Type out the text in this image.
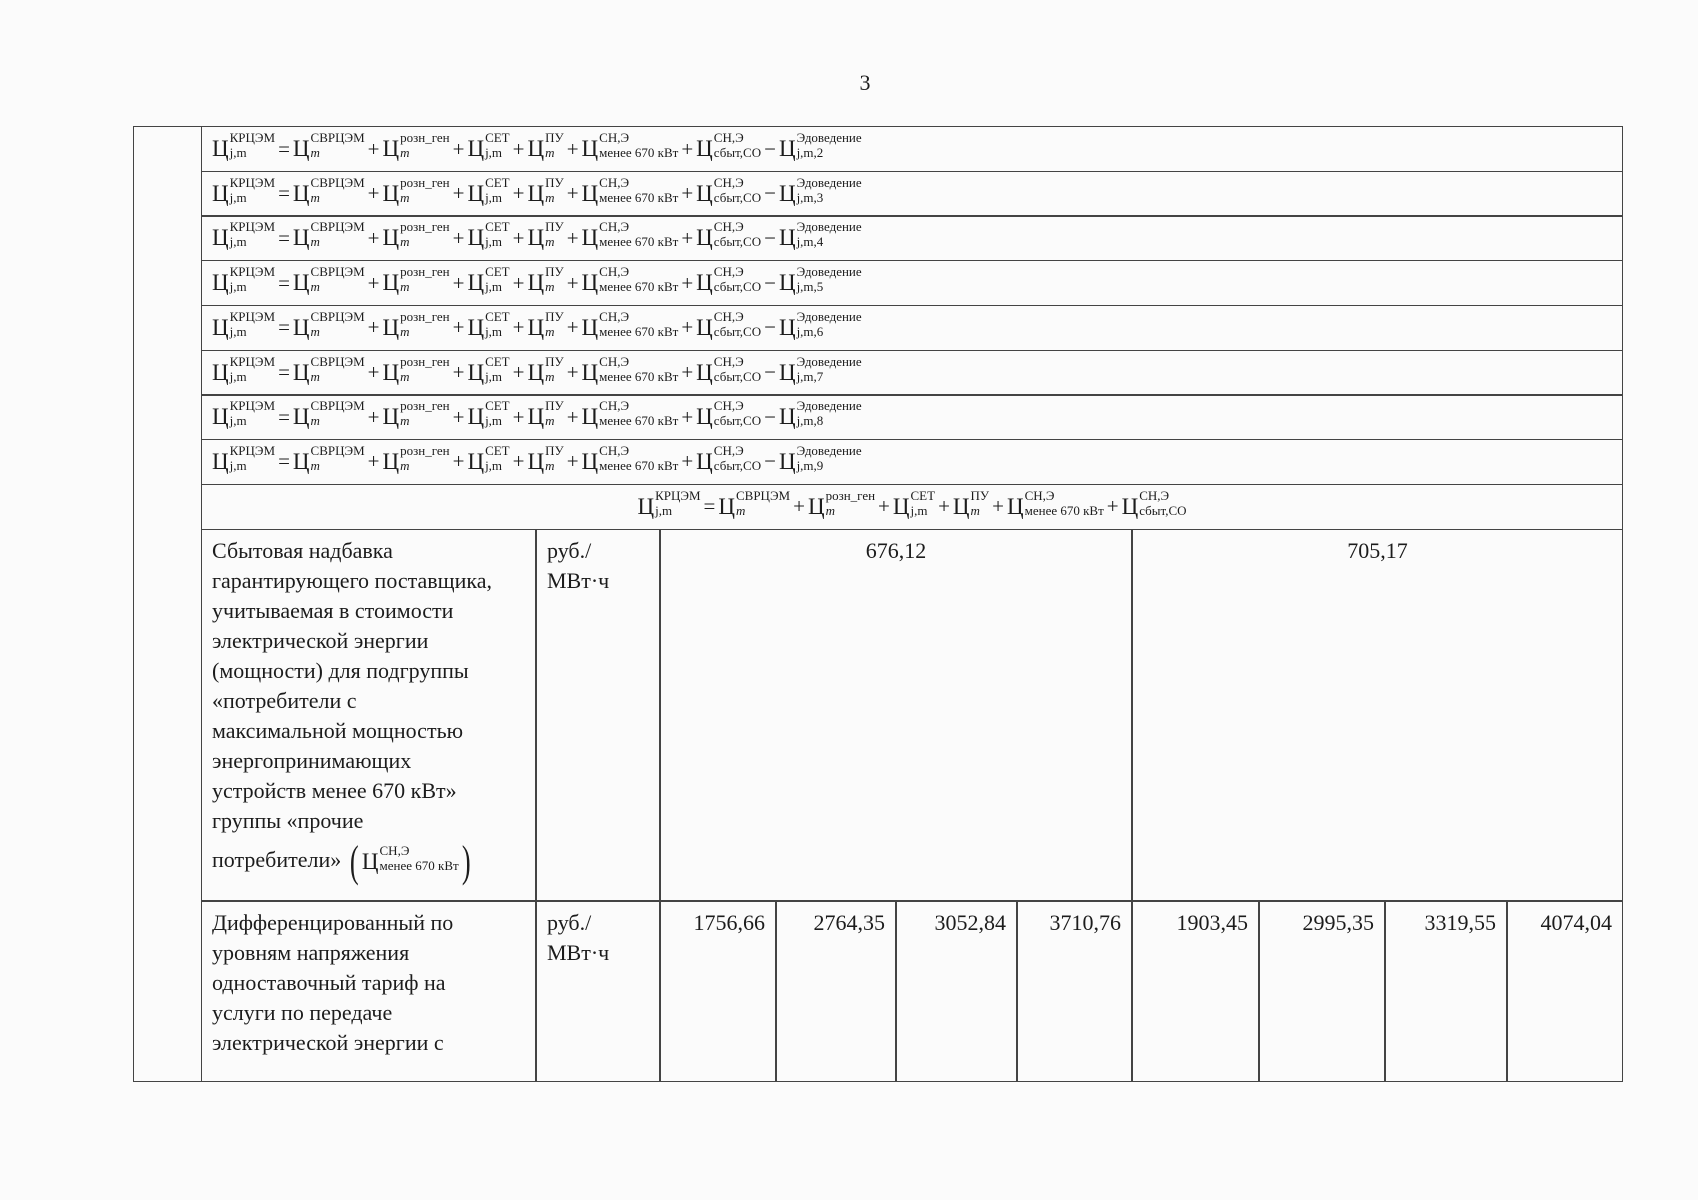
3
Ц КРЦЭМ
j,m	= Ц СВРЦЭМ
m	+ Ц розн_ген
m	+ Ц СЕТ
j,m + Ц ПУ
m + Ц СН,Э
менее 670 кВт + Ц СН,Э
сбыт,СО − Ц Эдоведение
j,m,2
Ц КРЦЭМ
j,m	= Ц СВРЦЭМ
m	+ Ц розн_ген
m	+ Ц СЕТ
j,m + Ц ПУ
m + Ц СН,Э
менее 670 кВт + Ц СН,Э
сбыт,СО − Ц Эдоведение
j,m,3
Ц КРЦЭМ
j,m	= Ц СВРЦЭМ
m	+ Ц розн_ген
m	+ Ц СЕТ
j,m + Ц ПУ
m + Ц СН,Э
менее 670 кВт + Ц СН,Э
сбыт,СО − Ц Эдоведение
j,m,4
Ц КРЦЭМ
j,m	= Ц СВРЦЭМ
m	+ Ц розн_ген
m	+ Ц СЕТ
j,m + Ц ПУ
m + Ц СН,Э
менее 670 кВт + Ц СН,Э
сбыт,СО − Ц Эдоведение
j,m,5
Ц КРЦЭМ
j,m	= Ц СВРЦЭМ
m	+ Ц розн_ген
m	+ Ц СЕТ
j,m + Ц ПУ
m + Ц СН,Э
менее 670 кВт + Ц СН,Э
сбыт,СО − Ц Эдоведение
j,m,6
Ц КРЦЭМ
j,m	= Ц СВРЦЭМ
m	+ Ц розн_ген
m	+ Ц СЕТ
j,m + Ц ПУ
m + Ц СН,Э
менее 670 кВт + Ц СН,Э
сбыт,СО − Ц Эдоведение
j,m,7
Ц КРЦЭМ
j,m	= Ц СВРЦЭМ
m	+ Ц розн_ген
m	+ Ц СЕТ
j,m + Ц ПУ
m + Ц СН,Э
менее 670 кВт + Ц СН,Э
сбыт,СО − Ц Эдоведение
j,m,8
Ц КРЦЭМ
j,m	= Ц СВРЦЭМ
m	+ Ц розн_ген
m	+ Ц СЕТ
j,m + Ц ПУ
m + Ц СН,Э
менее 670 кВт + Ц СН,Э
сбыт,СО − Ц Эдоведение
j,m,9
Ц КРЦЭМ
j,m	= Ц СВРЦЭМ
m	+ Ц розн_ген
m	+ Ц СЕТ
j,m + Ц ПУ
m + Ц СН,Э
менее 670 кВт + Ц СН,Э
сбыт,СО
Сбытовая надбавка
гарантирующего поставщика,
учитываемая в стоимости
электрической энергии
(мощности) для подгруппы
«потребители с
максимальной мощностью
энергопринимающих
устройств менее 670 кВт»
группы «прочие
потребители» ( Ц СН,Э
менее 670 кВт )
руб./
МВт·ч
676,12	705,17
Дифференцированный по
уровням напряжения
одноставочный тариф на
услуги по передаче
электрической энергии с
руб./
МВт·ч
1756,66	2764,35	3052,84	3710,76	1903,45	2995,35	3319,55	4074,04
